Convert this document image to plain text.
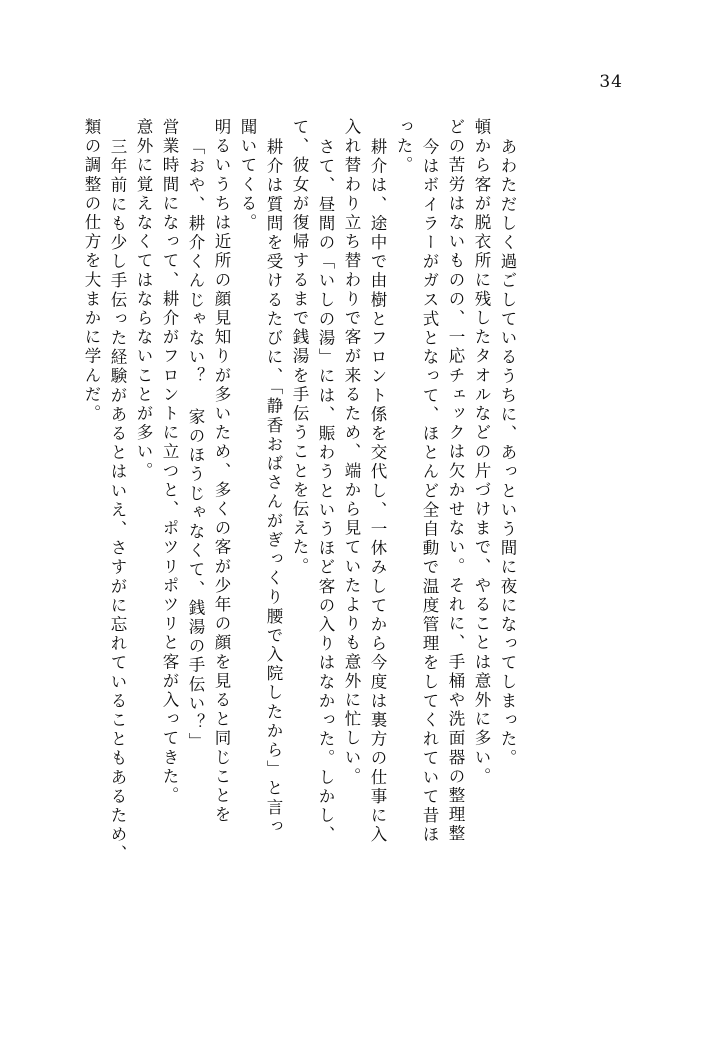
34
類の調整の仕方を大まかに学んだ。 三年前にも少し手伝った経験があるとはいえ、さすがに忘れていることもあるため、 意外に覚えなくてはならないことが多い。 営業時間になって、耕介がフロントに立つと、ポツリポツリと客が入ってきた。 「おや、耕介くんじゃない？ 家のほうじゃなくて、銭湯の手伝い？」 明るいうちは近所の顔見知りが多いため、多くの客が少年の顔を見ると同じことを 聞いてくる。 耕介は質問を受けるたびに、「静香おばさんがぎっくり腰で入院したから」と言っ て、彼女が復帰するまで銭湯を手伝うことを伝えた。 さて、昼間の「いしの湯」には、賑わうというほど客の入りはなかった。しかし、 入れ替わり立ち替わりで客が来るため、端から見ていたよりも意外に忙しい。 耕介は、途中で由樹とフロント係を交代し、一休みしてから今度は裏方の仕事に入 った。 今はボイラーがガス式となって、ほとんど全自動で温度管理をしてくれていて昔ほ どの苦労はないものの、一応チェックは欠かせない。それに、手桶や洗面器の整理整 頓から客が脱衣所に残したタオルなどの片づけまで、やることは意外に多い。 あわただしく過ごしているうちに、あっという間に夜になってしまった。
